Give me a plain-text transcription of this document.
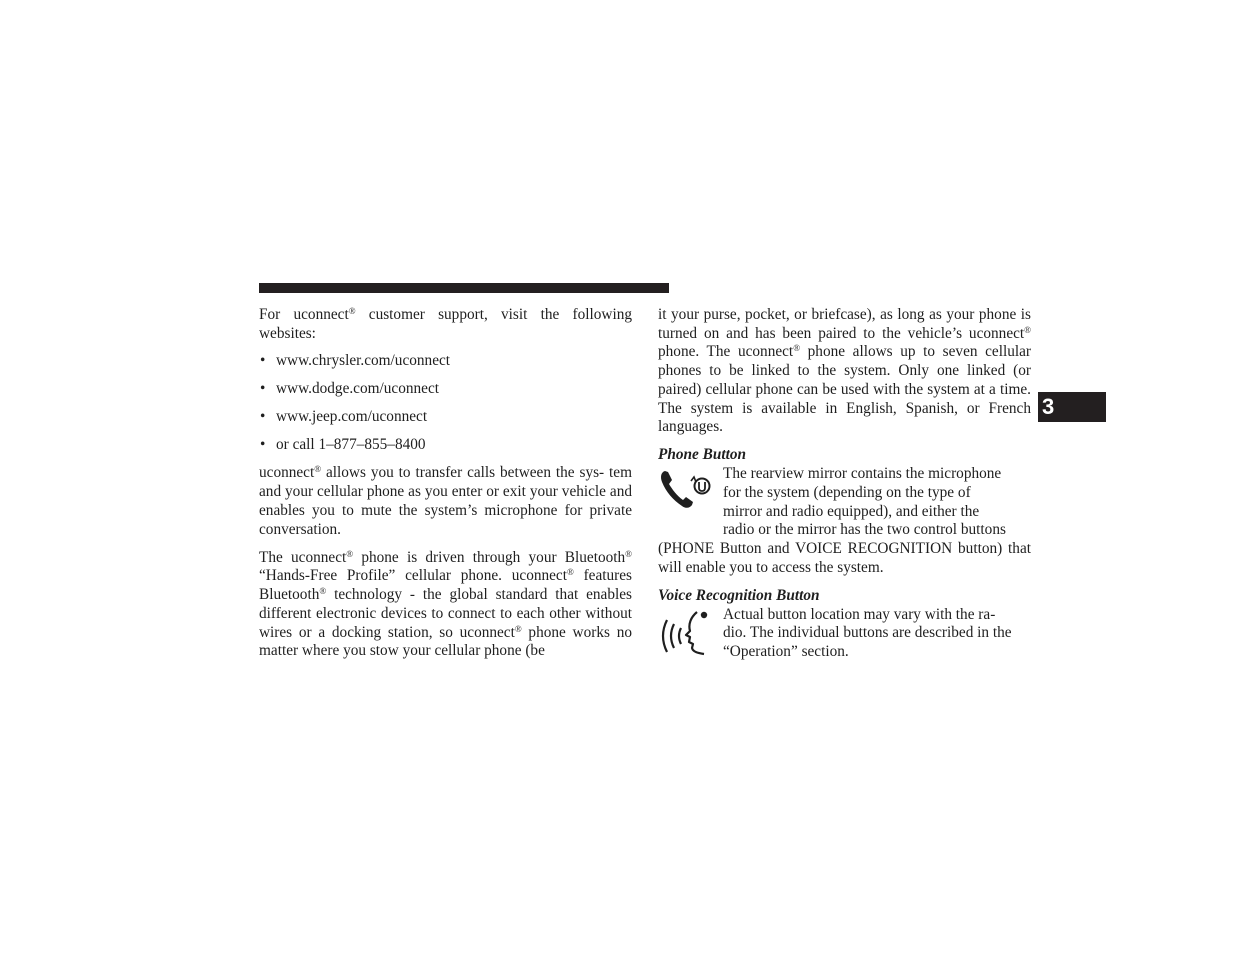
3

For uconnect® customer support, visit the following websites:

• www.chrysler.com/uconnect
• www.dodge.com/uconnect
• www.jeep.com/uconnect
• or call 1–877–855–8400

uconnect® allows you to transfer calls between the sys- tem and your cellular phone as you enter or exit your vehicle and enables you to mute the system’s microphone for private conversation.

The uconnect® phone is driven through your Bluetooth® “Hands-Free Profile” cellular phone. uconnect® features Bluetooth® technology - the global standard that enables different electronic devices to connect to each other without wires or a docking station, so uconnect® phone works no matter where you stow your cellular phone (be

it your purse, pocket, or briefcase), as long as your phone is turned on and has been paired to the vehicle’s uconnect® phone. The uconnect® phone allows up to seven cellular phones to be linked to the system. Only one linked (or paired) cellular phone can be used with the system at a time. The system is available in English, Spanish, or French languages.

Phone Button
The rearview mirror contains the microphone
for the system (depending on the type of
mirror and radio equipped), and either the
radio or the mirror has the two control buttons

(PHONE Button and VOICE RECOGNITION button) that will enable you to access the system.

Voice Recognition Button
Actual button location may vary with the ra-
dio. The individual buttons are described in the
“Operation” section.
